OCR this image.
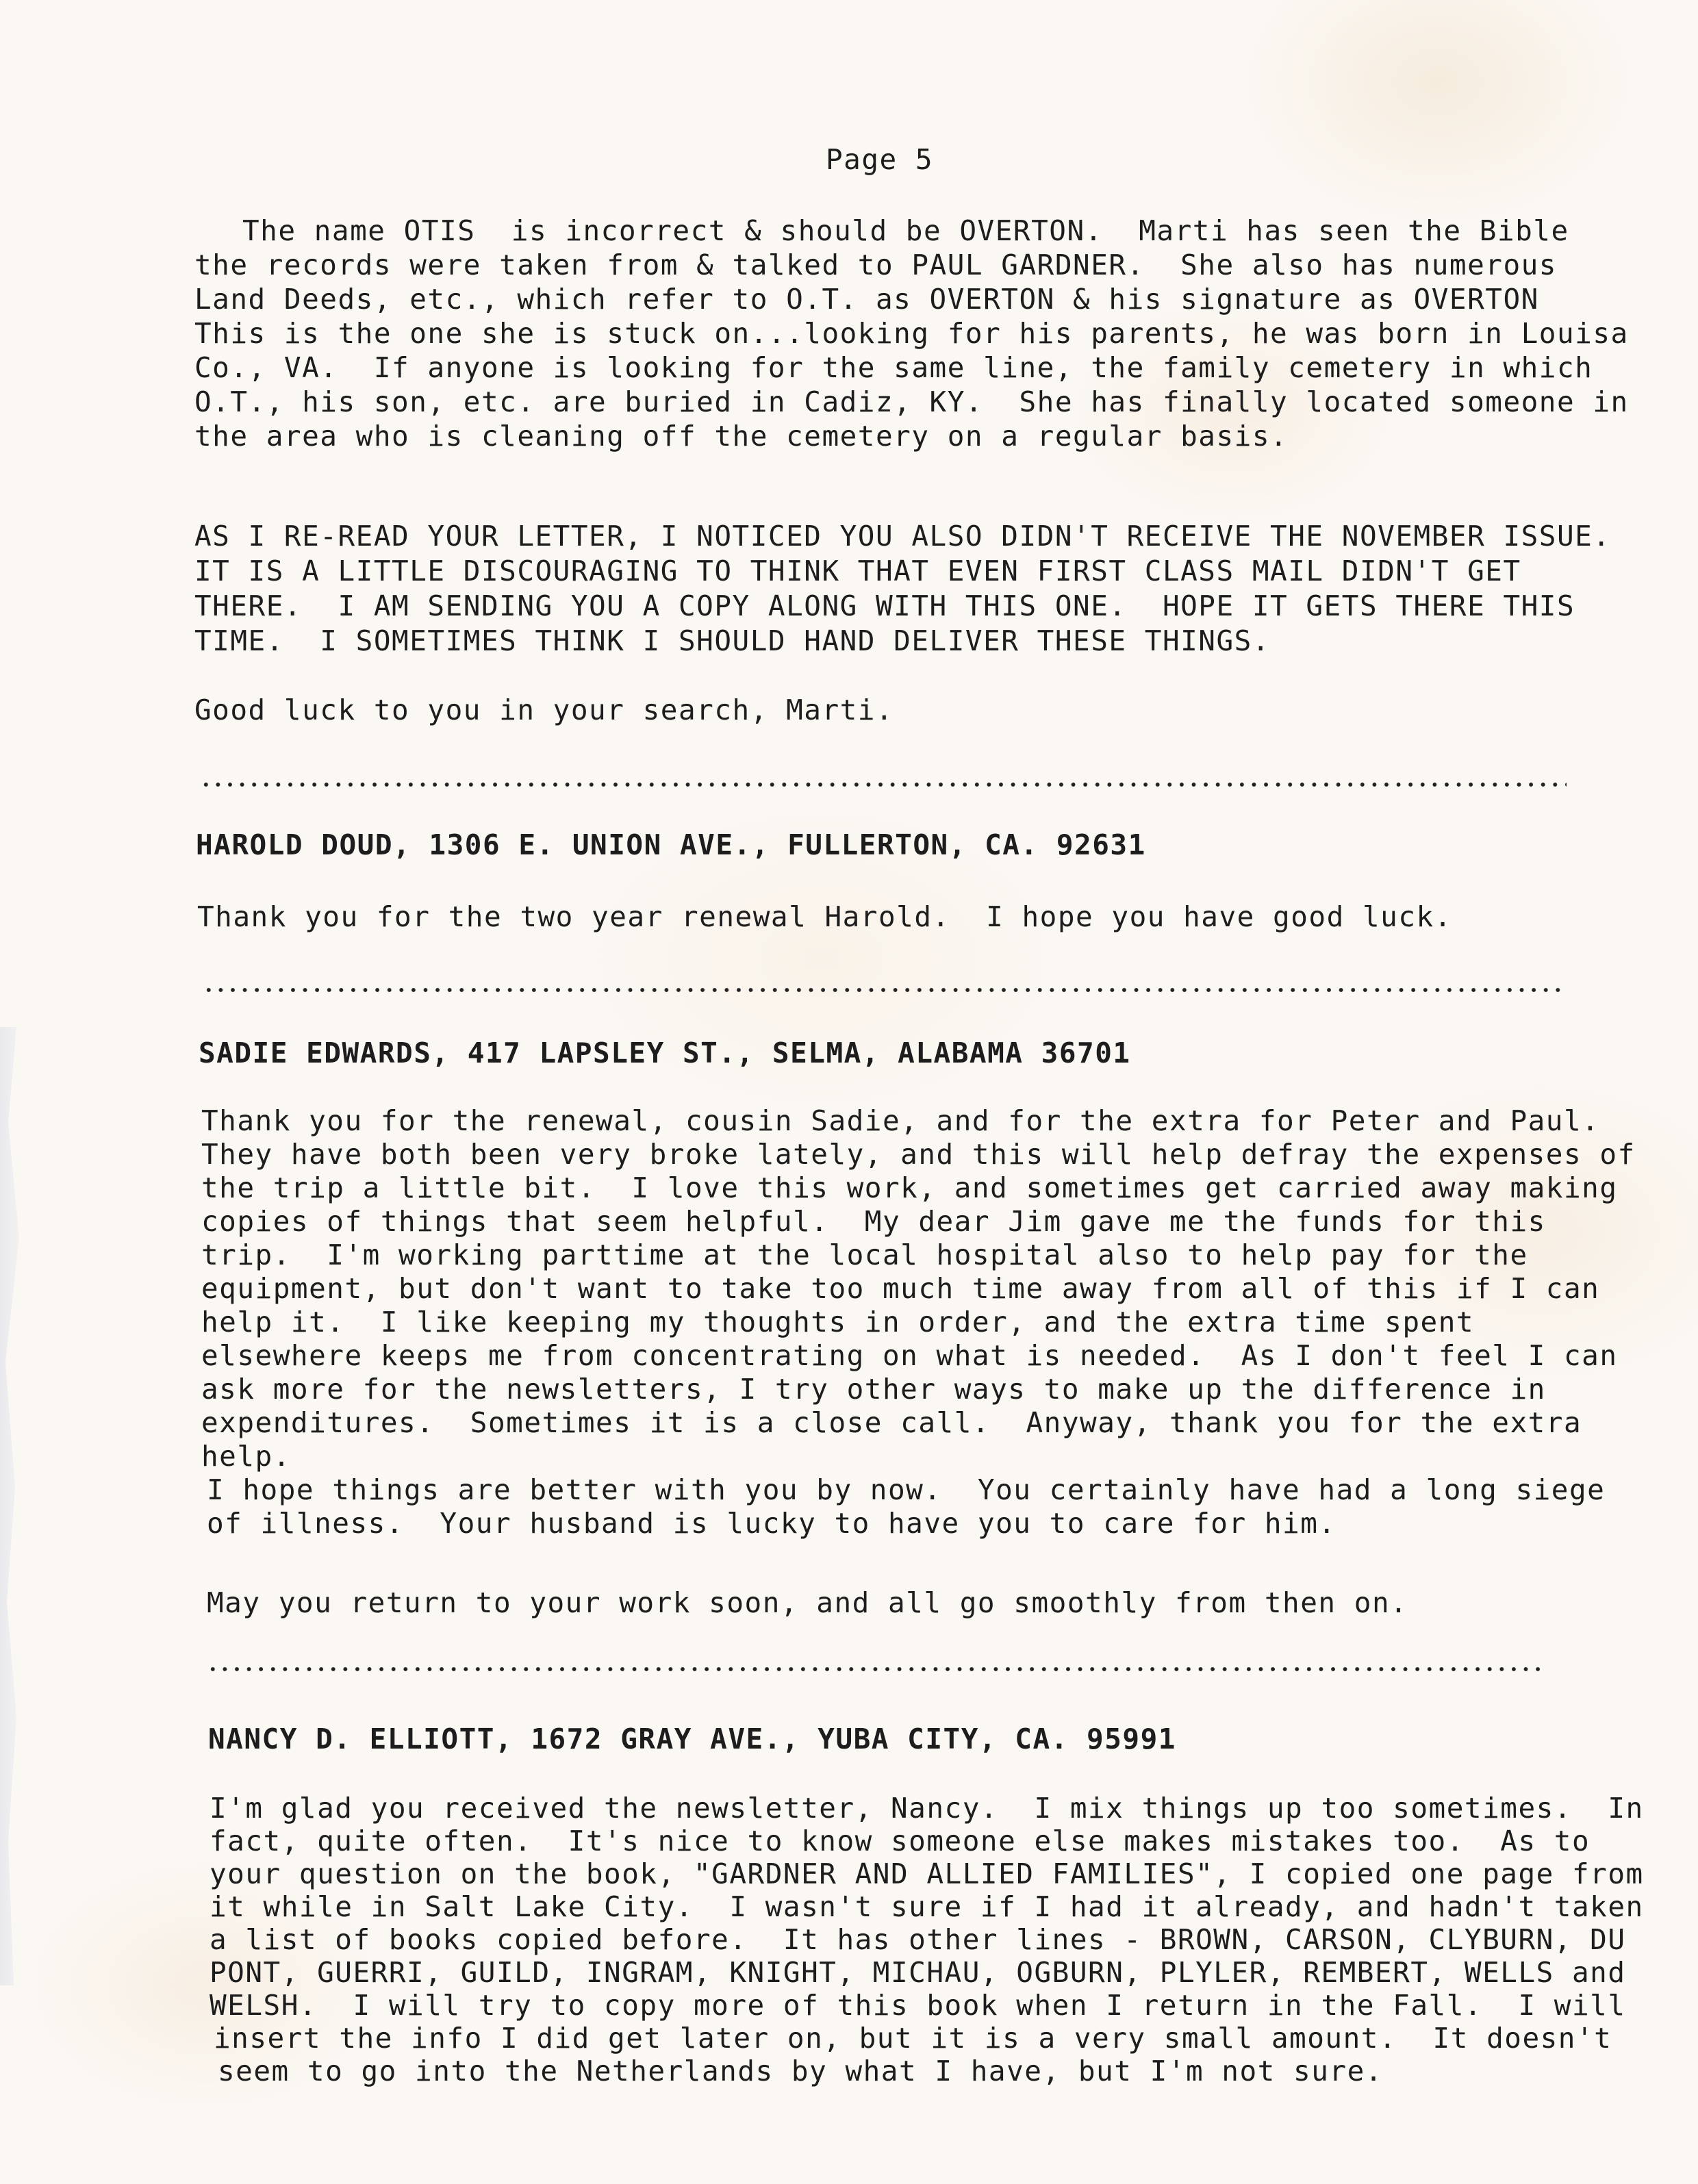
Page 5
The name OTIS  is incorrect & should be OVERTON.  Marti has seen the Bible
the records were taken from & talked to PAUL GARDNER.  She also has numerous
Land Deeds, etc., which refer to O.T. as OVERTON & his signature as OVERTON
This is the one she is stuck on...looking for his parents, he was born in Louisa
Co., VA.  If anyone is looking for the same line, the family cemetery in which
O.T., his son, etc. are buried in Cadiz, KY.  She has finally located someone in
the area who is cleaning off the cemetery on a regular basis.
AS I RE-READ YOUR LETTER, I NOTICED YOU ALSO DIDN'T RECEIVE THE NOVEMBER ISSUE.
IT IS A LITTLE DISCOURAGING TO THINK THAT EVEN FIRST CLASS MAIL DIDN'T GET
THERE.  I AM SENDING YOU A COPY ALONG WITH THIS ONE.  HOPE IT GETS THERE THIS
TIME.  I SOMETIMES THINK I SHOULD HAND DELIVER THESE THINGS.
Good luck to you in your search, Marti.
HAROLD DOUD, 1306 E. UNION AVE., FULLERTON, CA. 92631
Thank you for the two year renewal Harold.  I hope you have good luck.
SADIE EDWARDS, 417 LAPSLEY ST., SELMA, ALABAMA 36701
Thank you for the renewal, cousin Sadie, and for the extra for Peter and Paul.
They have both been very broke lately, and this will help defray the expenses of
the trip a little bit.  I love this work, and sometimes get carried away making
copies of things that seem helpful.  My dear Jim gave me the funds for this
trip.  I'm working parttime at the local hospital also to help pay for the
equipment, but don't want to take too much time away from all of this if I can
help it.  I like keeping my thoughts in order, and the extra time spent
elsewhere keeps me from concentrating on what is needed.  As I don't feel I can
ask more for the newsletters, I try other ways to make up the difference in
expenditures.  Sometimes it is a close call.  Anyway, thank you for the extra
help.
I hope things are better with you by now.  You certainly have had a long siege
of illness.  Your husband is lucky to have you to care for him.
May you return to your work soon, and all go smoothly from then on.
NANCY D. ELLIOTT, 1672 GRAY AVE., YUBA CITY, CA. 95991
I'm glad you received the newsletter, Nancy.  I mix things up too sometimes.  In
fact, quite often.  It's nice to know someone else makes mistakes too.  As to
your question on the book, "GARDNER AND ALLIED FAMILIES", I copied one page from
it while in Salt Lake City.  I wasn't sure if I had it already, and hadn't taken
a list of books copied before.  It has other lines - BROWN, CARSON, CLYBURN, DU
PONT, GUERRI, GUILD, INGRAM, KNIGHT, MICHAU, OGBURN, PLYLER, REMBERT, WELLS and
WELSH.  I will try to copy more of this book when I return in the Fall.  I will
insert the info I did get later on, but it is a very small amount.  It doesn't
seem to go into the Netherlands by what I have, but I'm not sure.
